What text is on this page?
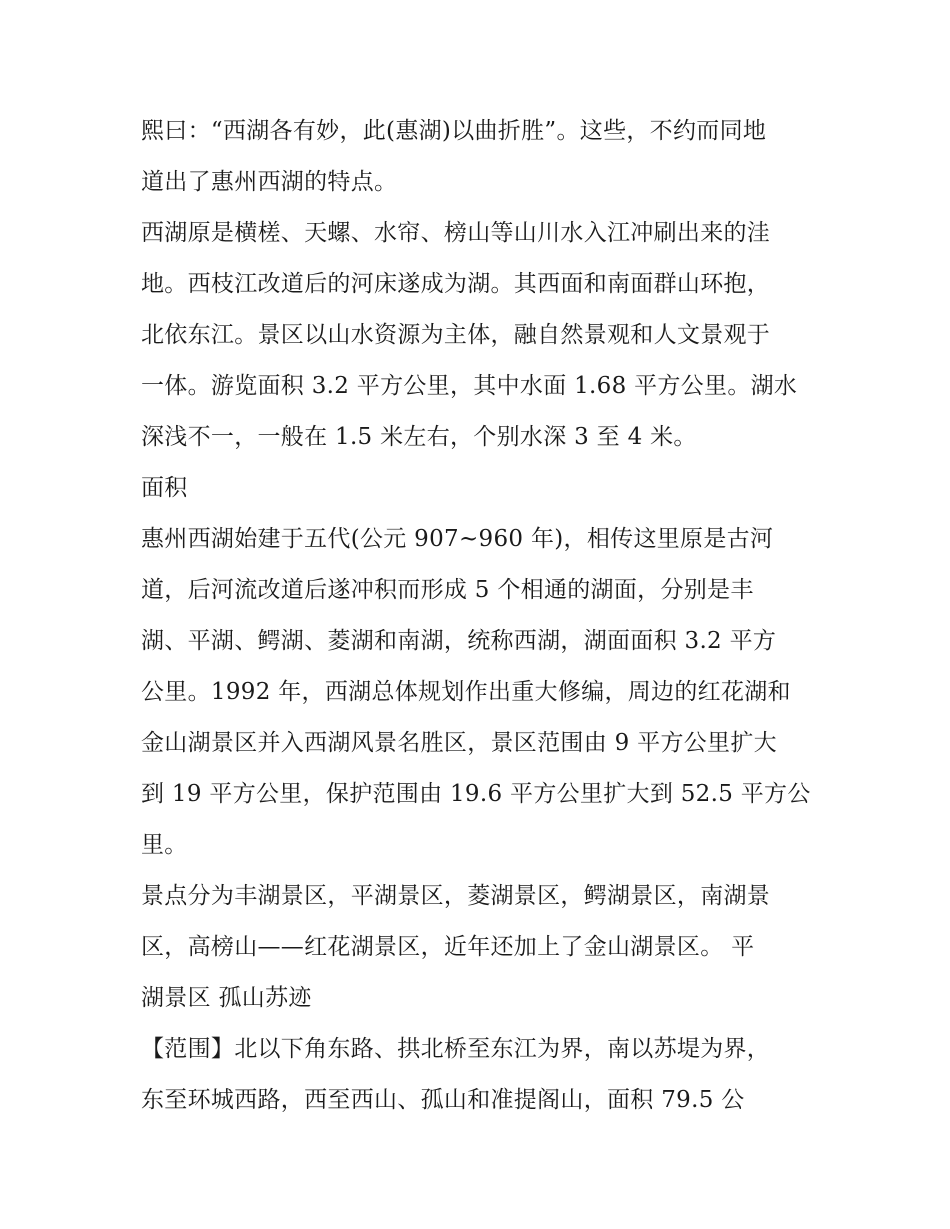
熙曰：“西湖各有妙，此(惠湖)以曲折胜”。这些，不约而同地
道出了惠州西湖的特点。

西湖原是横槎、天螺、水帘、榜山等山川水入江冲刷出来的洼
地。西枝江改道后的河床遂成为湖。其西面和南面群山环抱，
北依东江。景区以山水资源为主体，融自然景观和人文景观于
一体。游览面积 3.2 平方公里，其中水面 1.68 平方公里。湖水
深浅不一，一般在 1.5 米左右，个别水深 3 至 4 米。

面积

惠州西湖始建于五代(公元 907~960 年)，相传这里原是古河
道，后河流改道后遂冲积而形成 5 个相通的湖面，分别是丰
湖、平湖、鳄湖、菱湖和南湖，统称西湖，湖面面积 3.2 平方
公里。1992 年，西湖总体规划作出重大修编，周边的红花湖和
金山湖景区并入西湖风景名胜区，景区范围由 9 平方公里扩大
到 19 平方公里，保护范围由 19.6 平方公里扩大到 52.5 平方公
里。

景点分为丰湖景区，平湖景区，菱湖景区，鳄湖景区，南湖景
区，高榜山——红花湖景区，近年还加上了金山湖景区。 平
湖景区 孤山苏迹

【范围】北以下角东路、拱北桥至东江为界，南以苏堤为界，
东至环城西路，西至西山、孤山和准提阁山，面积 79.5 公
